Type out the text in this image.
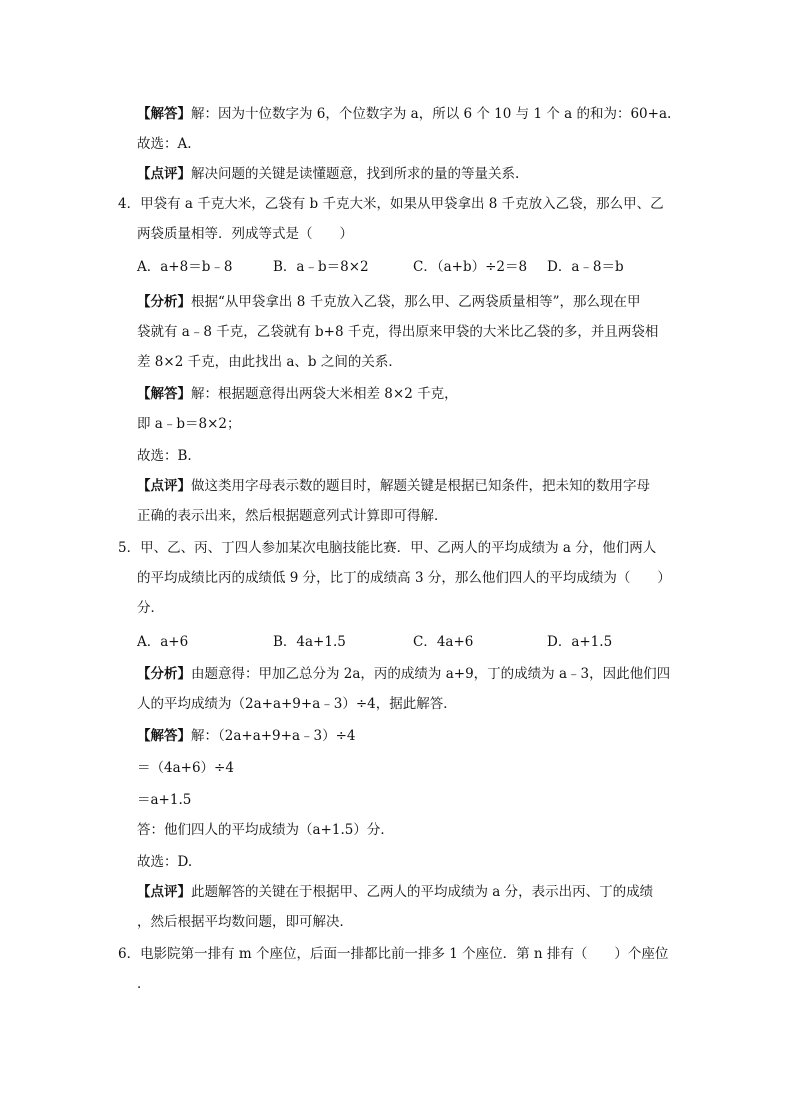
【解答】解：因为十位数字为 6，个位数字为 a，所以 6 个 10 与 1 个 a 的和为：60+a.
故选：A.
【点评】解决问题的关键是读懂题意，找到所求的量的等量关系.
4．甲袋有 a 千克大米，乙袋有 b 千克大米，如果从甲袋拿出 8 千克放入乙袋，那么甲、乙
两袋质量相等．列成等式是（　　）
A．a+8＝b﹣8	B．a﹣b＝8×2	C．（a+b）÷2＝8 D．a﹣8＝b
【分析】根据“从甲袋拿出 8 千克放入乙袋，那么甲、乙两袋质量相等”，那么现在甲
袋就有 a﹣8 千克，乙袋就有 b+8 千克，得出原来甲袋的大米比乙袋的多，并且两袋相
差 8×2 千克，由此找出 a、b 之间的关系．
【解答】解：根据题意得出两袋大米相差 8×2 千克，
即 a﹣b＝8×2；
故选：B.
【点评】做这类用字母表示数的题目时，解题关键是根据已知条件，把未知的数用字母
正确的表示出来，然后根据题意列式计算即可得解．
5．甲、乙、丙、丁四人参加某次电脑技能比赛．甲、乙两人的平均成绩为 a 分，他们两人
的平均成绩比丙的成绩低 9 分，比丁的成绩高 3 分，那么他们四人的平均成绩为（　　）
分．
A．a+6	B．4a+1.5	C．4a+6	D．a+1.5
【分析】由题意得：甲加乙总分为 2a，丙的成绩为 a+9，丁的成绩为 a﹣3，因此他们四
人的平均成绩为（2a+a+9+a﹣3）÷4，据此解答．
【解答】解：（2a+a+9+a﹣3）÷4
＝（4a+6）÷4
＝a+1.5
答：他们四人的平均成绩为（a+1.5）分．
故选：D.
【点评】此题解答的关键在于根据甲、乙两人的平均成绩为 a 分，表示出丙、丁的成绩
，然后根据平均数问题，即可解决．
6．电影院第一排有 m 个座位，后面一排都比前一排多 1 个座位．第 n 排有（　　）个座位
．
